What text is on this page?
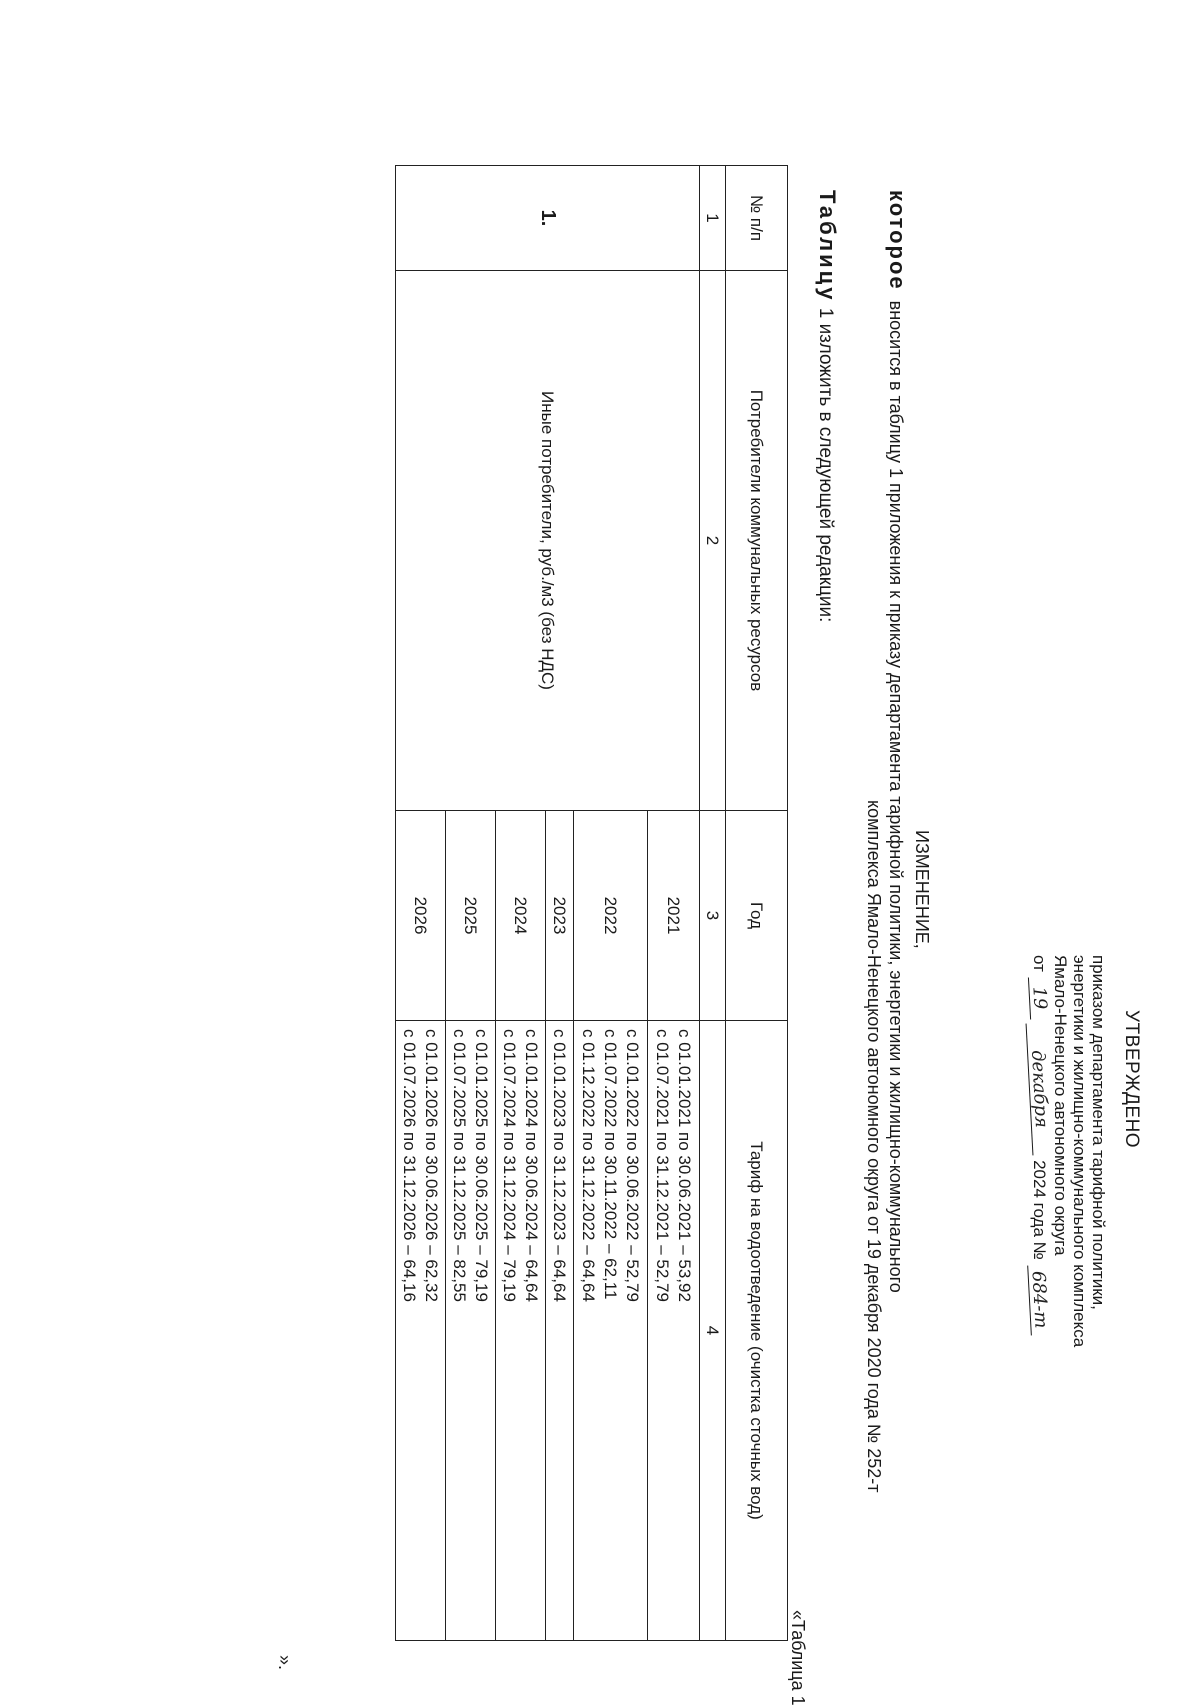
УТВЕРЖДЕНО
приказом департамента тарифной политики,
энергетики и жилищно-коммунального комплекса
Ямало-Ненецкого автономного округа
от 19 декабря 2024 года № 684-т
ИЗМЕНЕНИЕ,
котороевносится в таблицу 1 приложения к приказу департамента тарифной политики, энергетики и жилищно-коммунального
комплекса Ямало-Ненецкого автономного округа от 19 декабря 2020 года № 252-т
Таблицу 1 изложить в следующей редакции:
«Таблица 1
№ п/п	Потребители коммунальных ресурсов	Год	Тариф на водоотведение (очистка сточных вод)
1	2	3	4
1.	Иные потребители, руб./м3 (без НДС)	2021	с 01.01.2021 по 30.06.2021 – 53,92
с 01.07.2021 по 31.12.2021 – 52,79

		2022	с 01.01.2022 по 30.06.2022 – 52,79
с 01.07.2022 по 30.11.2022 – 62,11
с 01.12.2022 по 31.12.2022 – 64,64

		2023	с 01.01.2023 по 31.12.2023 – 64,64

		2024	с 01.01.2024 по 30.06.2024 – 64,64
с 01.07.2024 по 31.12.2024 – 79,19

		2025	с 01.01.2025 по 30.06.2025 – 79,19
с 01.07.2025 по 31.12.2025 – 82,55

		2026	с 01.01.2026 по 30.06.2026 – 62,32
с 01.07.2026 по 31.12.2026 – 64,16
».
